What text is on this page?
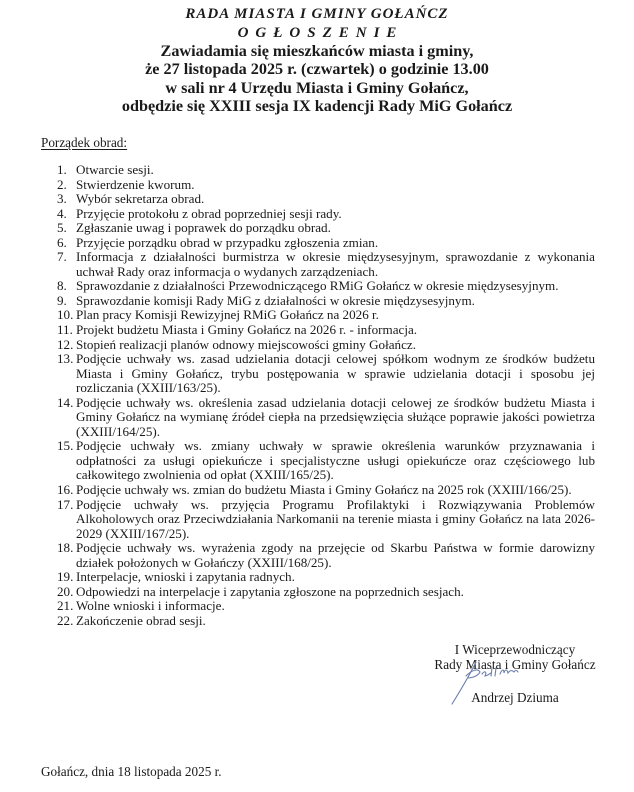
RADA MIASTA I GMINY GOŁAŃCZ
OGŁOSZENIE
Zawiadamia się mieszkańców miasta i gminy,
że 27 listopada 2025 r. (czwartek) o godzinie 13.00
w sali nr 4 Urzędu Miasta i Gminy Gołańcz,
odbędzie się XXIII sesja IX kadencji Rady MiG Gołańcz
Porządek obrad:
1. Otwarcie sesji.
2. Stwierdzenie kworum.
3. Wybór sekretarza obrad.
4. Przyjęcie protokołu z obrad poprzedniej sesji rady.
5. Zgłaszanie uwag i poprawek do porządku obrad.
6. Przyjęcie porządku obrad w przypadku zgłoszenia zmian.
7. Informacja z działalności burmistrza w okresie międzysesyjnym, sprawozdanie z wykonania uchwał Rady oraz informacja o wydanych zarządzeniach.
8. Sprawozdanie z działalności Przewodniczącego RMiG Gołańcz w okresie międzysesyjnym.
9. Sprawozdanie komisji Rady MiG z działalności w okresie międzysesyjnym.
10. Plan pracy Komisji Rewizyjnej RMiG Gołańcz na 2026 r.
11. Projekt budżetu Miasta i Gminy Gołańcz na 2026 r. - informacja.
12. Stopień realizacji planów odnowy miejscowości gminy Gołańcz.
13. Podjęcie uchwały ws. zasad udzielania dotacji celowej spółkom wodnym ze środków budżetu Miasta i Gminy Gołańcz, trybu postępowania w sprawie udzielania dotacji i sposobu jej rozliczania (XXIII/163/25).
14. Podjęcie uchwały ws. określenia zasad udzielania dotacji celowej ze środków budżetu Miasta i Gminy Gołańcz na wymianę źródeł ciepła na przedsięwzięcia służące poprawie jakości powietrza (XXIII/164/25).
15. Podjęcie uchwały ws. zmiany uchwały w sprawie określenia warunków przyznawania i odpłatności za usługi opiekuńcze i specjalistyczne usługi opiekuńcze oraz częściowego lub całkowitego zwolnienia od opłat (XXIII/165/25).
16. Podjęcie uchwały ws. zmian do budżetu Miasta i Gminy Gołańcz na 2025 rok (XXIII/166/25).
17. Podjęcie uchwały ws. przyjęcia Programu Profilaktyki i Rozwiązywania Problemów Alkoholowych oraz Przeciwdziałania Narkomanii na terenie miasta i gminy Gołańcz na lata 2026-2029 (XXIII/167/25).
18. Podjęcie uchwały ws. wyrażenia zgody na przejęcie od Skarbu Państwa w formie darowizny działek położonych w Gołańczy (XXIII/168/25).
19. Interpelacje, wnioski i zapytania radnych.
20. Odpowiedzi na interpelacje i zapytania zgłoszone na poprzednich sesjach.
21. Wolne wnioski i informacje.
22. Zakończenie obrad sesji.
I Wiceprzewodniczący
Rady Miasta i Gminy Gołańcz
Andrzej Dziuma
Gołańcz, dnia 18 listopada 2025 r.
